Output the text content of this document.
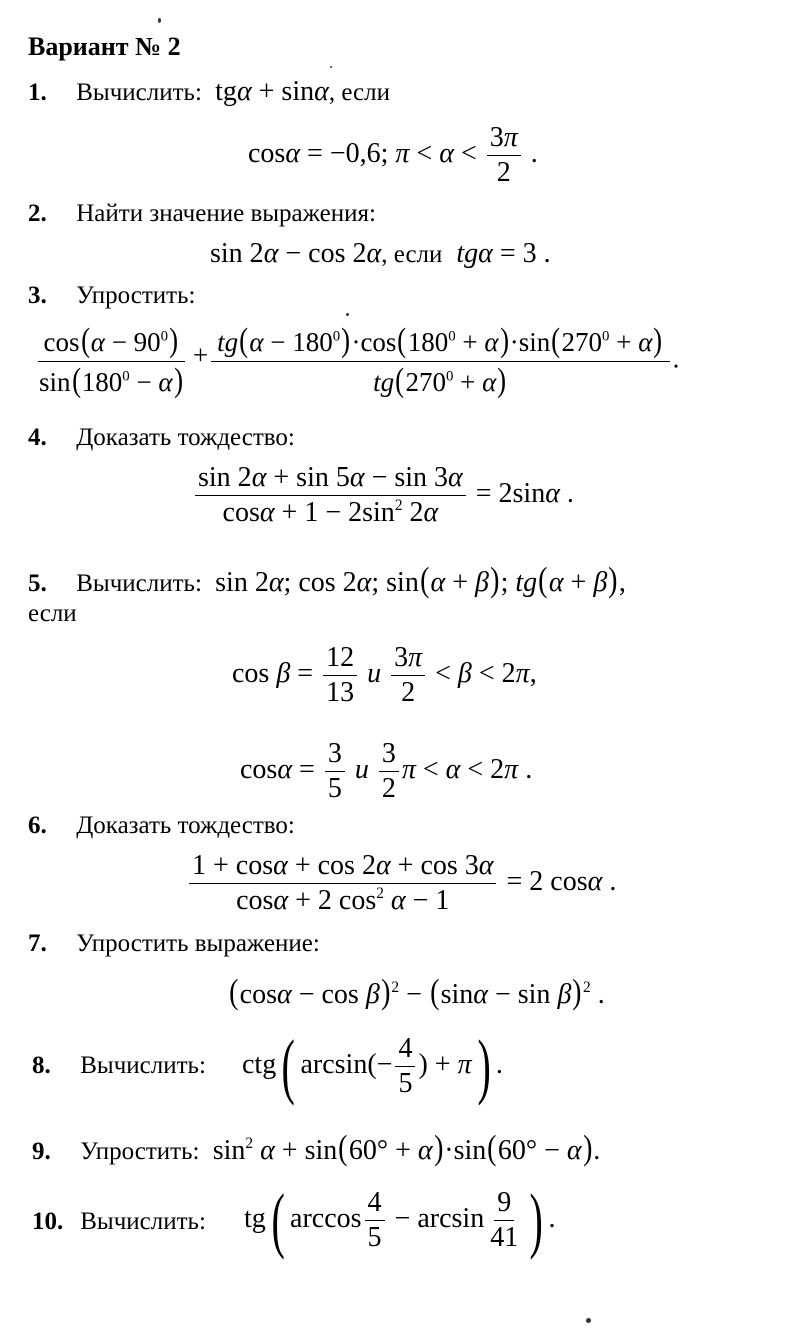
Вариант № 2
1. Вычислить:  tgα + sinα, если
cosα = −0,6; $\pi < \alpha < \frac{3\pi}{2}$ .
2. Найти значение выражения:
sin 2α − cos 2α, если  tgα = 3 .
3. Упростить:
$\frac{\cos(\alpha - 90^0)}{\sin(180^0 - \alpha)} + \frac{tg(\alpha - 180^0)\cdot\cos(180^0 + \alpha)\cdot\sin(270^0 + \alpha)}{tg(270^0 + \alpha)}$ .
4. Доказать тождество:
$\frac{\sin 2\alpha + \sin 5\alpha - \sin 3\alpha}{\cos\alpha + 1 - 2\sin^2 2\alpha} = 2\sin\alpha$ .
5. Вычислить:  sin 2α; cos 2α; sin(α + β); tg(α + β),
если
$\cos \beta = \frac{12}{13}$ u $\frac{3\pi}{2} < \beta < 2\pi$,
$\cos\alpha = \frac{3}{5}$ u $\frac{3}{2}$ π < α < 2π .
6. Доказать тождество:
$\frac{1 + \cos\alpha + \cos 2\alpha + \cos 3\alpha}{\cos\alpha + 2 \cos^2 \alpha - 1} = 2$ cosα .
7. Упростить выражение:
$(\cos\alpha - \cos \beta)^2 - (\sin\alpha - \sin \beta)^2$ .
8. Вычислить: ctg( $\arcsin(- \frac{4}{5}$ ) + π) .
9. Упростить:  $\sin^2 \alpha + \sin(60^\circ + \alpha)\cdot\sin(60^\circ - \alpha)$.
10. Вычислить: tg( $\arccos \frac{4}{5} - \arcsin \frac{9}{41}$ ) .
